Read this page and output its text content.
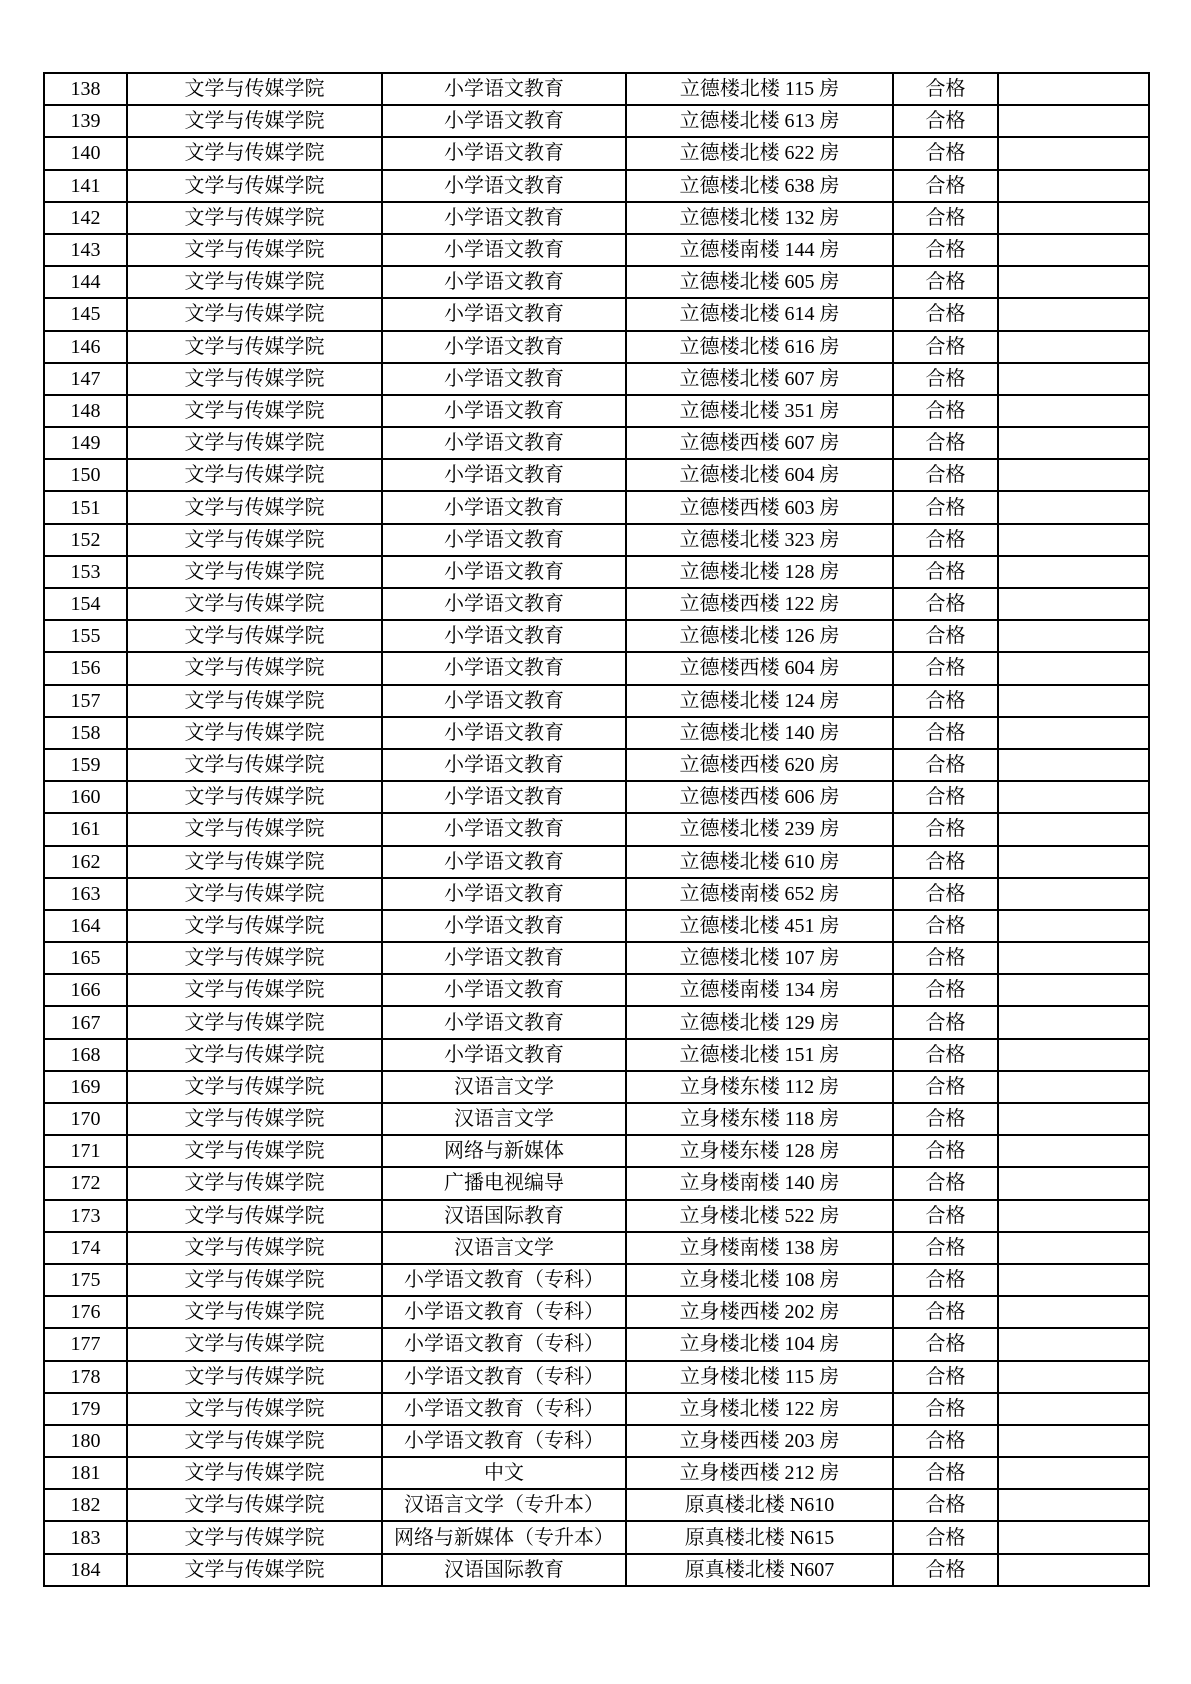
138	文学与传媒学院	小学语文教育	立德楼北楼 115 房	合格	
139	文学与传媒学院	小学语文教育	立德楼北楼 613 房	合格	
140	文学与传媒学院	小学语文教育	立德楼北楼 622 房	合格	
141	文学与传媒学院	小学语文教育	立德楼北楼 638 房	合格	
142	文学与传媒学院	小学语文教育	立德楼北楼 132 房	合格	
143	文学与传媒学院	小学语文教育	立德楼南楼 144 房	合格	
144	文学与传媒学院	小学语文教育	立德楼北楼 605 房	合格	
145	文学与传媒学院	小学语文教育	立德楼北楼 614 房	合格	
146	文学与传媒学院	小学语文教育	立德楼北楼 616 房	合格	
147	文学与传媒学院	小学语文教育	立德楼北楼 607 房	合格	
148	文学与传媒学院	小学语文教育	立德楼北楼 351 房	合格	
149	文学与传媒学院	小学语文教育	立德楼西楼 607 房	合格	
150	文学与传媒学院	小学语文教育	立德楼北楼 604 房	合格	
151	文学与传媒学院	小学语文教育	立德楼西楼 603 房	合格	
152	文学与传媒学院	小学语文教育	立德楼北楼 323 房	合格	
153	文学与传媒学院	小学语文教育	立德楼北楼 128 房	合格	
154	文学与传媒学院	小学语文教育	立德楼西楼 122 房	合格	
155	文学与传媒学院	小学语文教育	立德楼北楼 126 房	合格	
156	文学与传媒学院	小学语文教育	立德楼西楼 604 房	合格	
157	文学与传媒学院	小学语文教育	立德楼北楼 124 房	合格	
158	文学与传媒学院	小学语文教育	立德楼北楼 140 房	合格	
159	文学与传媒学院	小学语文教育	立德楼西楼 620 房	合格	
160	文学与传媒学院	小学语文教育	立德楼西楼 606 房	合格	
161	文学与传媒学院	小学语文教育	立德楼北楼 239 房	合格	
162	文学与传媒学院	小学语文教育	立德楼北楼 610 房	合格	
163	文学与传媒学院	小学语文教育	立德楼南楼 652 房	合格	
164	文学与传媒学院	小学语文教育	立德楼北楼 451 房	合格	
165	文学与传媒学院	小学语文教育	立德楼北楼 107 房	合格	
166	文学与传媒学院	小学语文教育	立德楼南楼 134 房	合格	
167	文学与传媒学院	小学语文教育	立德楼北楼 129 房	合格	
168	文学与传媒学院	小学语文教育	立德楼北楼 151 房	合格	
169	文学与传媒学院	汉语言文学	立身楼东楼 112 房	合格	
170	文学与传媒学院	汉语言文学	立身楼东楼 118 房	合格	
171	文学与传媒学院	网络与新媒体	立身楼东楼 128 房	合格	
172	文学与传媒学院	广播电视编导	立身楼南楼 140 房	合格	
173	文学与传媒学院	汉语国际教育	立身楼北楼 522 房	合格	
174	文学与传媒学院	汉语言文学	立身楼南楼 138 房	合格	
175	文学与传媒学院	小学语文教育（专科）	立身楼北楼 108 房	合格	
176	文学与传媒学院	小学语文教育（专科）	立身楼西楼 202 房	合格	
177	文学与传媒学院	小学语文教育（专科）	立身楼北楼 104 房	合格	
178	文学与传媒学院	小学语文教育（专科）	立身楼北楼 115 房	合格	
179	文学与传媒学院	小学语文教育（专科）	立身楼北楼 122 房	合格	
180	文学与传媒学院	小学语文教育（专科）	立身楼西楼 203 房	合格	
181	文学与传媒学院	中文	立身楼西楼 212 房	合格	
182	文学与传媒学院	汉语言文学（专升本）	原真楼北楼 N610	合格	
183	文学与传媒学院	网络与新媒体（专升本）	原真楼北楼 N615	合格	
184	文学与传媒学院	汉语国际教育	原真楼北楼 N607	合格	
